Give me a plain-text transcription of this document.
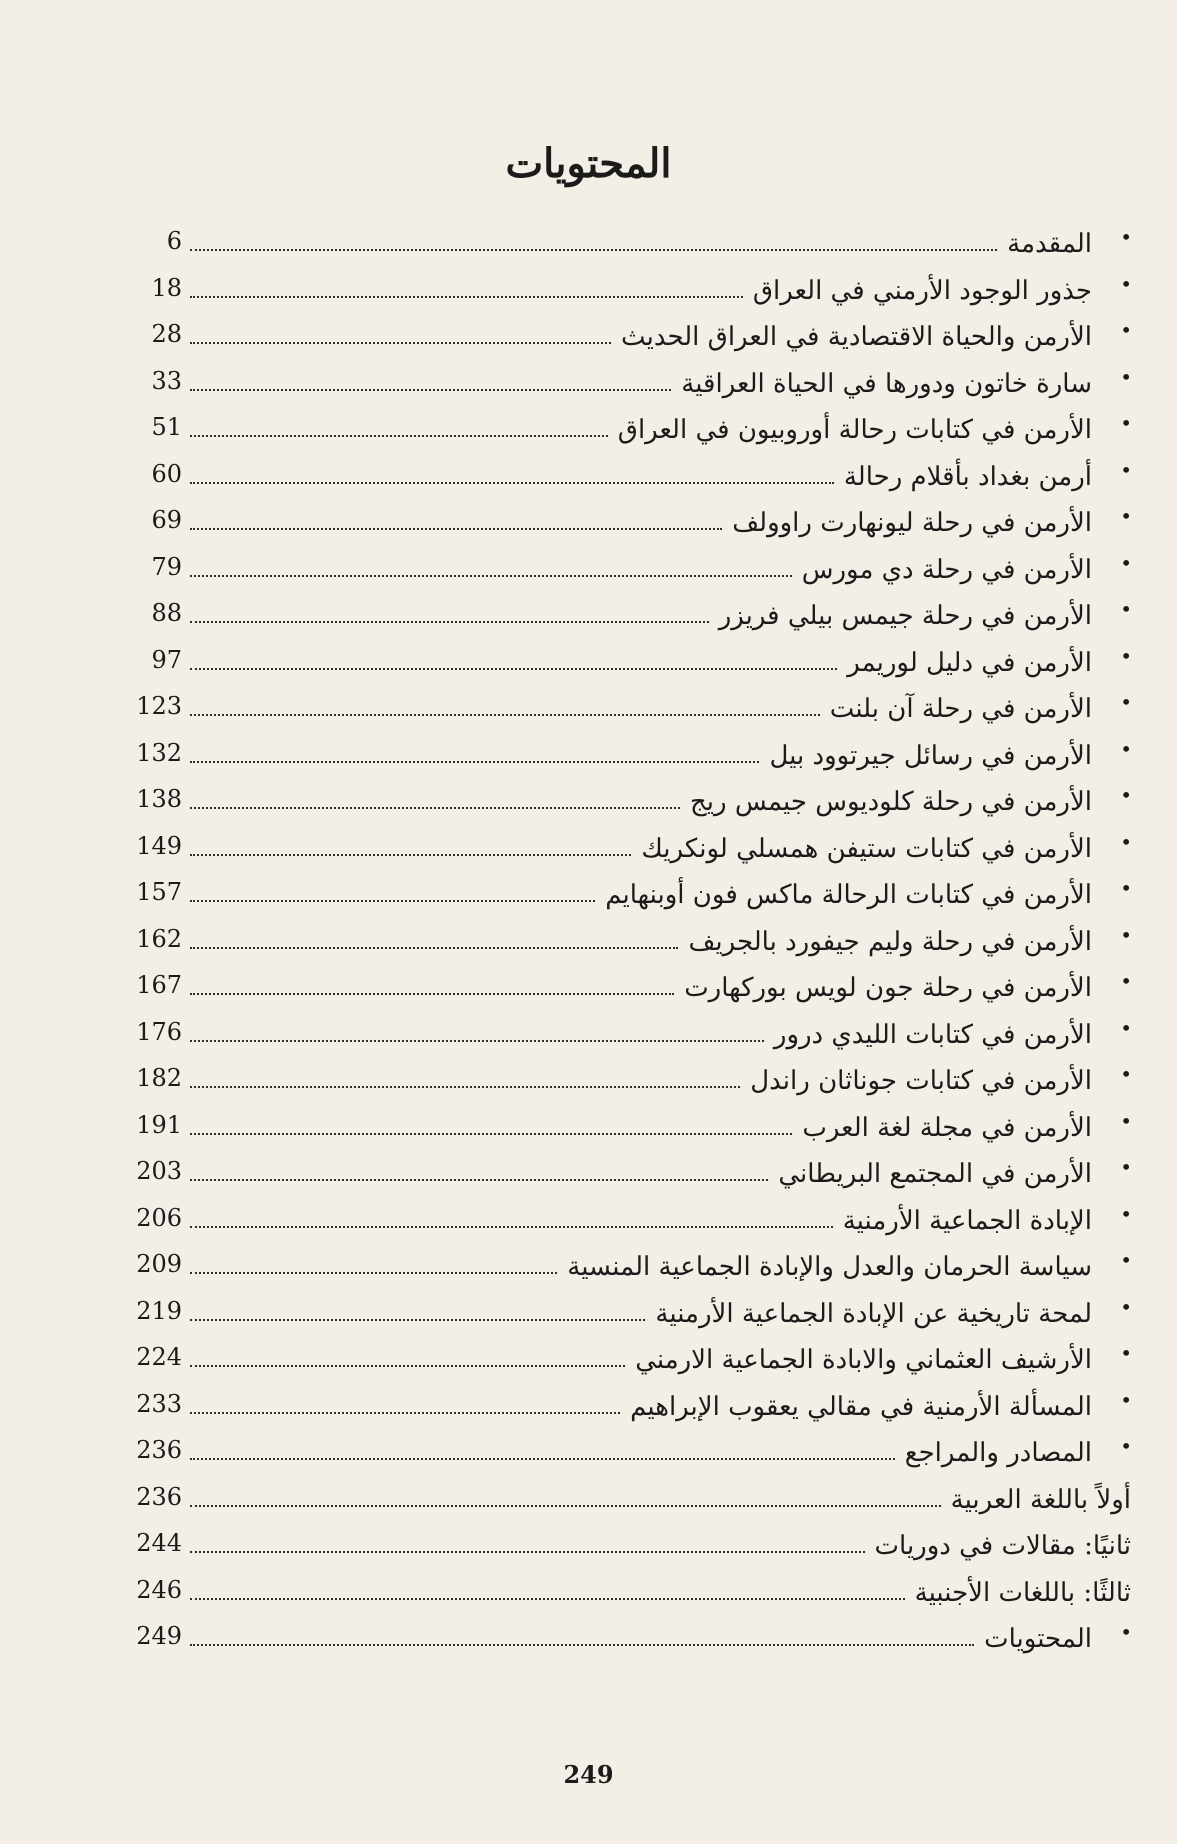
المحتويات
6	المقدمة •
18	جذور الوجود الأرمني في العراق •
28	الأرمن والحياة الاقتصادية في العراق الحديث •
33	سارة خاتون ودورها في الحياة العراقية •
51	الأرمن في كتابات رحالة أوروبيون في العراق •
60	أرمن بغداد بأقلام رحالة •
69	الأرمن في رحلة ليونهارت راوولف •
79	الأرمن في رحلة دي مورس •
88	الأرمن في رحلة جيمس بيلي فريزر •
97	الأرمن في دليل لوريمر •
123	الأرمن في رحلة آن بلنت •
132	الأرمن في رسائل جيرتوود بيل •
138	الأرمن في رحلة كلوديوس جيمس ريج •
149	الأرمن في كتابات ستيفن همسلي لونكريك •
157	الأرمن في كتابات الرحالة ماكس فون أوبنهايم •
162	الأرمن في رحلة وليم جيفورد بالجريف •
167	الأرمن في رحلة جون لويس بوركهارت •
176	الأرمن في كتابات الليدي درور •
182	الأرمن في كتابات جوناثان راندل •
191	الأرمن في مجلة لغة العرب •
203	الأرمن في المجتمع البريطاني •
206	الإبادة الجماعية الأرمنية •
209	سياسة الحرمان والعدل والإبادة الجماعية المنسية •
219	لمحة تاريخية عن الإبادة الجماعية الأرمنية •
224	الأرشيف العثماني والابادة الجماعية الارمني •
233	المسألة الأرمنية في مقالي يعقوب الإبراهيم •
236	المصادر والمراجع •
236	أولاً باللغة العربية
244	ثانيًا: مقالات في دوريات
246	ثالثًا: باللغات الأجنبية
249	المحتويات •
249
